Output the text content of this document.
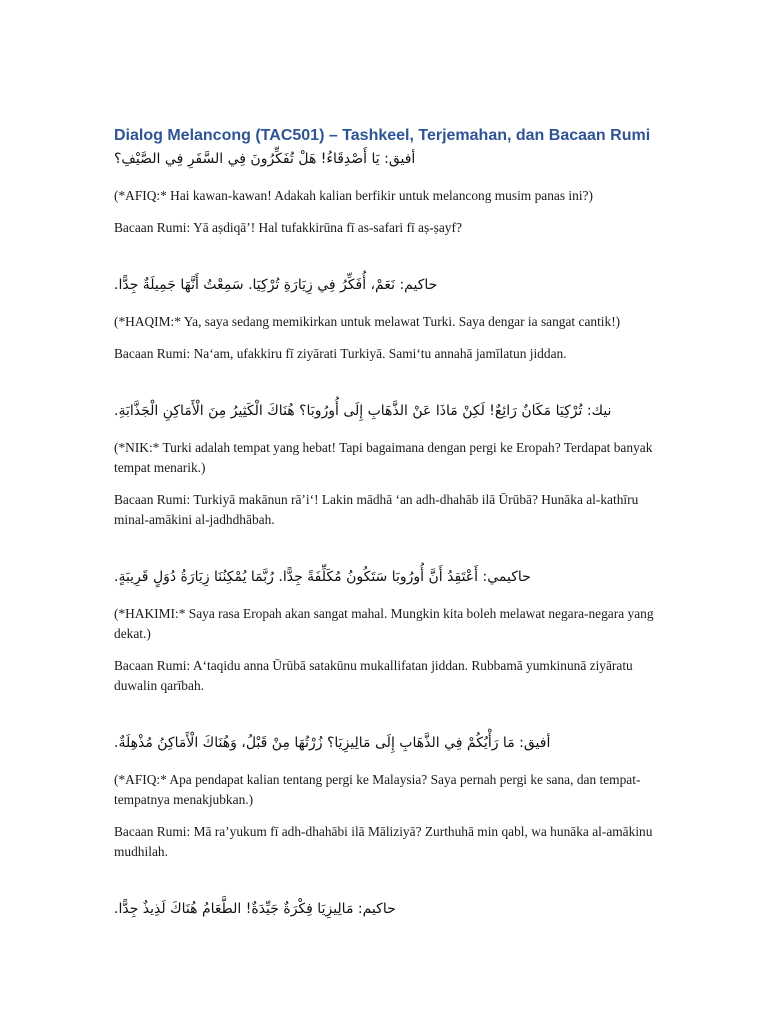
Dialog Melancong (TAC501) – Tashkeel, Terjemahan, dan Bacaan Rumi

أفيق: يَا أَصْدِقَاءُ! هَلْ تُفَكِّرُونَ فِي السَّفَرِ فِي الصَّيْفِ؟

(*AFIQ:* Hai kawan-kawan! Adakah kalian berfikir untuk melancong musim panas ini?)

Bacaan Rumi: Yā aṣdiqā’! Hal tufakkirūna fī as-safari fī aṣ-ṣayf?

حاكيم: نَعَمْ، أُفَكِّرُ فِي زِيَارَةِ تُرْكِيَا. سَمِعْتُ أَنَّهَا جَمِيلَةٌ جِدًّا.

(*HAQIM:* Ya, saya sedang memikirkan untuk melawat Turki. Saya dengar ia sangat cantik!)

Bacaan Rumi: Na‘am, ufakkiru fī ziyārati Turkiyā. Sami‘tu annahā jamīlatun jiddan.

نيك: تُرْكِيَا مَكَانٌ رَائِعٌ! لَكِنْ مَاذَا عَنْ الذَّهَابِ إِلَى أُورُوبَا؟ هُنَاكَ الْكَثِيرُ مِنَ الْأَمَاكِنِ الْجَذَّابَةِ.

(*NIK:* Turki adalah tempat yang hebat! Tapi bagaimana dengan pergi ke Eropah? Terdapat banyak tempat menarik.)

Bacaan Rumi: Turkiyā makānun rā’i‘! Lakin mādhā ‘an adh-dhahāb ilā Ūrūbā? Hunāka al-kathīru minal-amākini al-jadhdhābah.

حاكيمي: أَعْتَقِدُ أَنَّ أُورُوبَا سَتَكُونُ مُكَلِّفَةً جِدًّا. رُبَّمَا يُمْكِنُنَا زِيَارَةُ دُوَلٍ قَرِيبَةٍ.

(*HAKIMI:* Saya rasa Eropah akan sangat mahal. Mungkin kita boleh melawat negara-negara yang dekat.)

Bacaan Rumi: A‘taqidu anna Ūrūbā satakūnu mukallifatan jiddan. Rubbamā yumkinunā ziyāratu duwalin qarībah.

أفيق: مَا رَأْيُكُمْ فِي الذَّهَابِ إِلَى مَالِيزِيَا؟ زُرْتُهَا مِنْ قَبْلُ، وَهُنَاكَ الْأَمَاكِنُ مُذْهِلَةٌ.

(*AFIQ:* Apa pendapat kalian tentang pergi ke Malaysia? Saya pernah pergi ke sana, dan tempat-tempatnya menakjubkan.)

Bacaan Rumi: Mā ra’yukum fī adh-dhahābi ilā Māliziyā? Zurthuhā min qabl, wa hunāka al-amākinu mudhilah.

حاكيم: مَالِيزِيَا فِكْرَةٌ جَيِّدَةٌ! الطَّعَامُ هُنَاكَ لَذِيذٌ جِدًّا.
